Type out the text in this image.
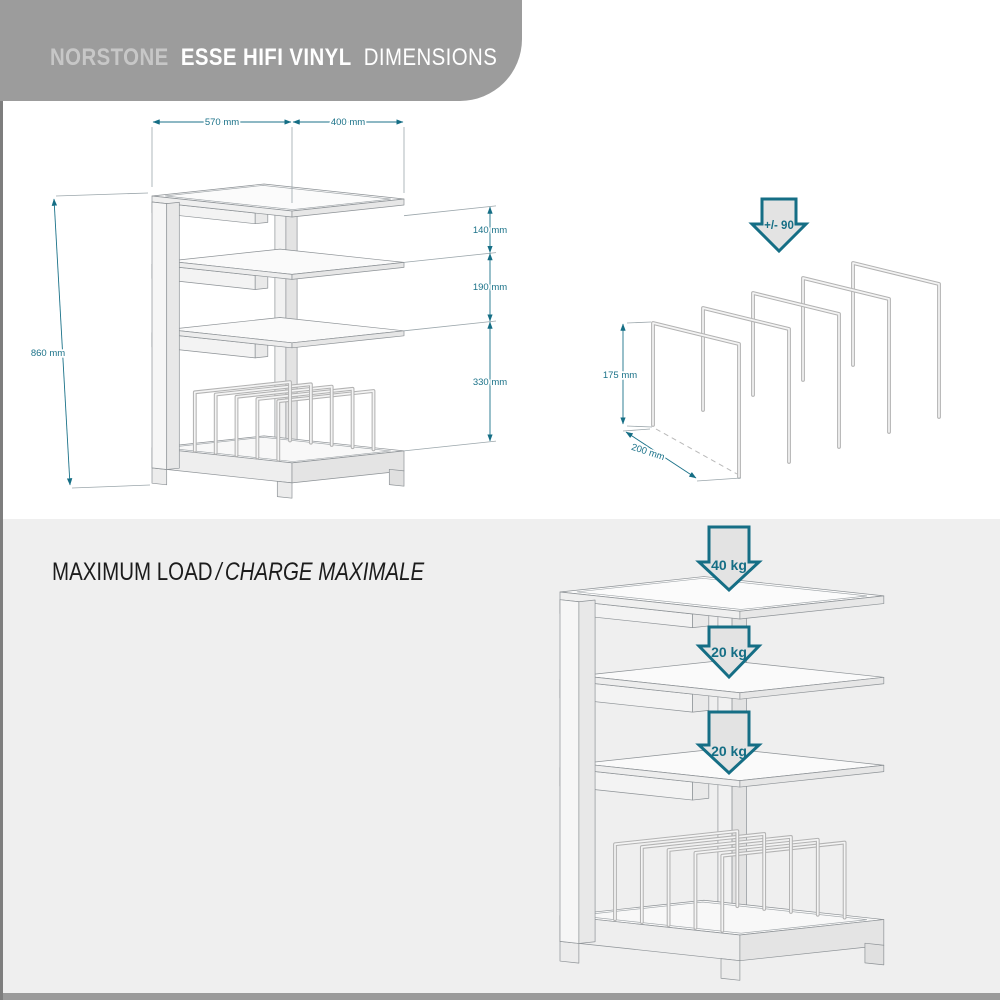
NORSTONE ESSE HIFI VINYL DIMENSIONS
MAXIMUM LOAD / CHARGE MAXIMALE
570 mm	400 mm
860 mm
140 mm
190 mm
330 mm
+/- 90
175 mm
200 mm
40 kg
20 kg
20 kg
